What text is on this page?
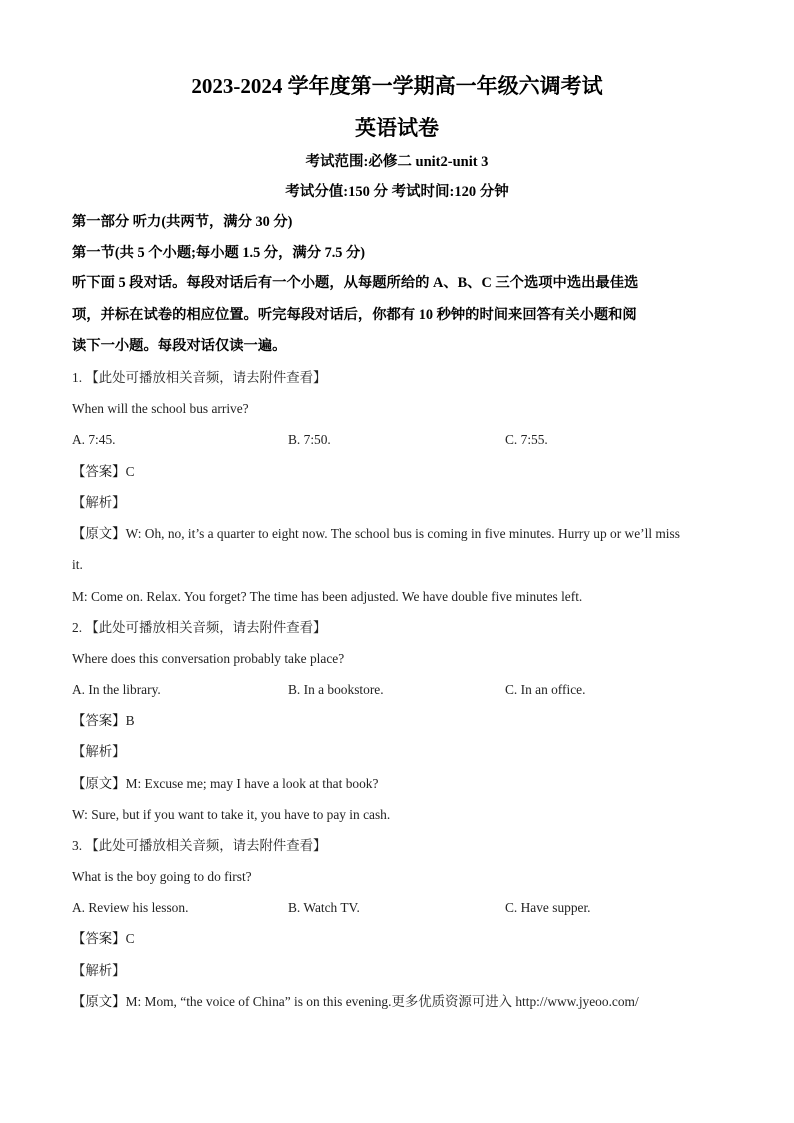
2023-2024 学年度第一学期高一年级六调考试
英语试卷
考试范围:必修二 unit2-unit 3
考试分值:150 分 考试时间:120 分钟
第一部分 听力(共两节，满分 30 分)
第一节(共 5 个小题;每小题 1.5 分，满分 7.5 分)
听下面 5 段对话。每段对话后有一个小题，从每题所给的 A、B、C 三个选项中选出最佳选
项，并标在试卷的相应位置。听完每段对话后，你都有 10 秒钟的时间来回答有关小题和阅
读下一小题。每段对话仅读一遍。
1. 【此处可播放相关音频，请去附件查看】
When will the school bus arrive?
A. 7:45.	B. 7:50.	C. 7:55.
【答案】C
【解析】
【原文】W: Oh, no, it’s a quarter to eight now. The school bus is coming in five minutes. Hurry up or we’ll miss
it.
M: Come on. Relax. You forget? The time has been adjusted. We have double five minutes left.
2. 【此处可播放相关音频，请去附件查看】
Where does this conversation probably take place?
A. In the library.	B. In a bookstore.	C. In an office.
【答案】B
【解析】
【原文】M: Excuse me; may I have a look at that book?
W: Sure, but if you want to take it, you have to pay in cash.
3. 【此处可播放相关音频，请去附件查看】
What is the boy going to do first?
A. Review his lesson.	B. Watch TV.	C. Have supper.
【答案】C
【解析】
【原文】M: Mom, “the voice of China” is on this evening.更多优质资源可进入 http://www.jyeoo.com/
